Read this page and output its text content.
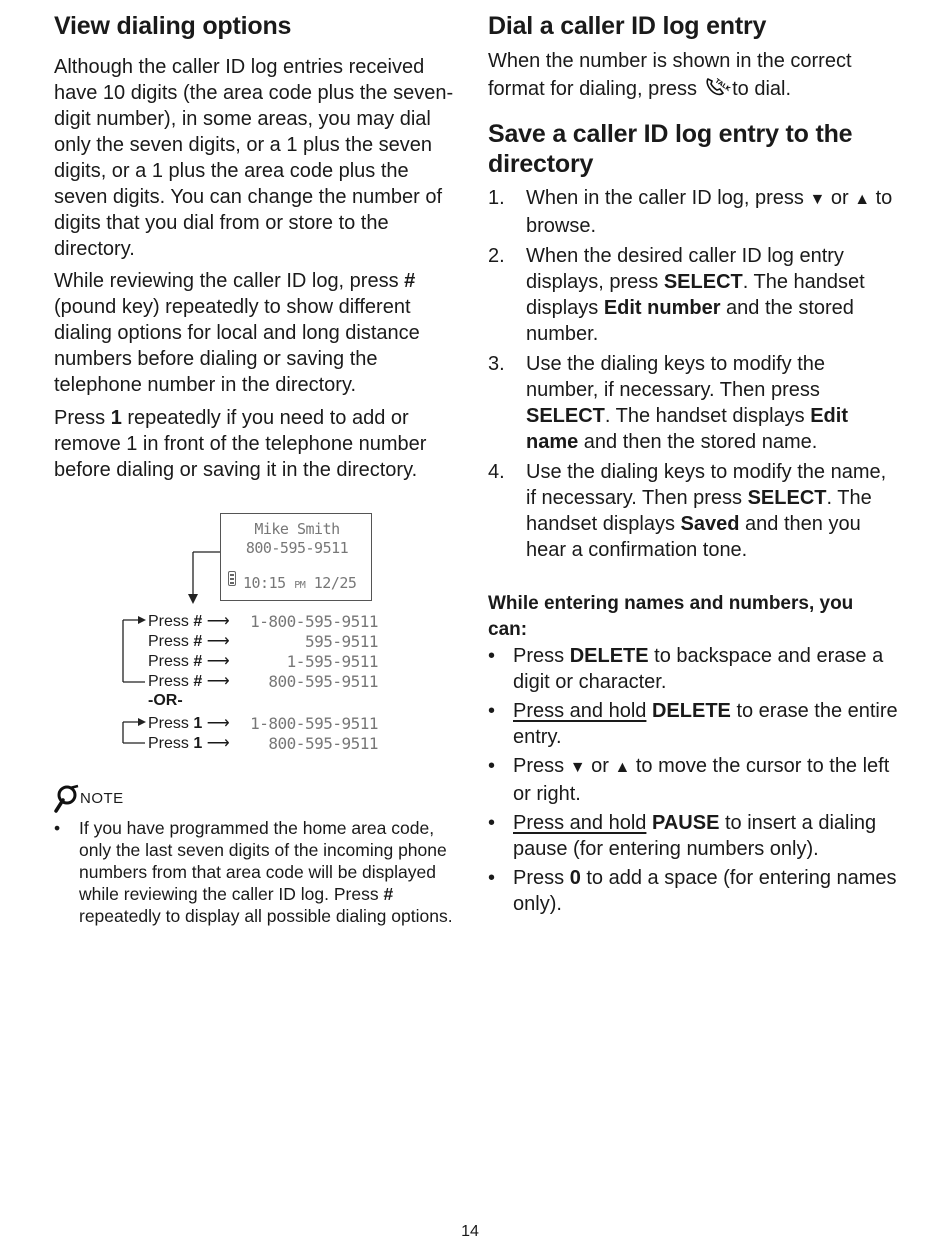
View dialing options

Although the caller ID log entries received have 10 digits (the area code plus the seven-digit number), in some areas, you may dial only the seven digits, or a 1 plus the seven digits, or a 1 plus the area code plus the seven digits. You can change the number of digits that you dial from or store to the directory.

While reviewing the caller ID log, press # (pound key) repeatedly to show different dialing options for local and long distance numbers before dialing or saving the telephone number in the directory.

Press 1 repeatedly if you need to add or remove 1 in front of the telephone number before dialing or saving it in the directory.

Mike Smith
800-595-9511
10:15 PM 12/25
Press # ⟶ 1-800-595-9511
Press # ⟶	595-9511
Press # ⟶	1-595-9511
Press # ⟶ 800-595-9511
-OR-
Press 1 ⟶ 1-800-595-9511
Press 1 ⟶ 800-595-9511
NOTE
• If you have programmed the home area code, only the last seven digits of the incoming phone numbers from that area code will be displayed while reviewing the caller ID log. Press # repeatedly to display all possible dialing options.
Dial a caller ID log entry

When the number is shown in the correct format for dialing, press TALK
to dial.

Save a caller ID log entry to the directory
1. When in the caller ID log, press ▼ or ▲ to browse.
2. When the desired caller ID log entry displays, press SELECT. The handset displays Edit number and the stored number.
3. Use the dialing keys to modify the number, if necessary. Then press SELECT. The handset displays Edit name and then the stored name.
4. Use the dialing keys to modify the name, if necessary. Then press SELECT. The handset displays Saved and then you hear a confirmation tone.
While entering names and numbers, you can:
• Press DELETE to backspace and erase a digit or character.
• Press and hold DELETE to erase the entire entry.
• Press ▼ or ▲ to move the cursor to the left or right.
• Press and hold PAUSE to insert a dialing pause (for entering numbers only).
• Press 0 to add a space (for entering names only).
14
